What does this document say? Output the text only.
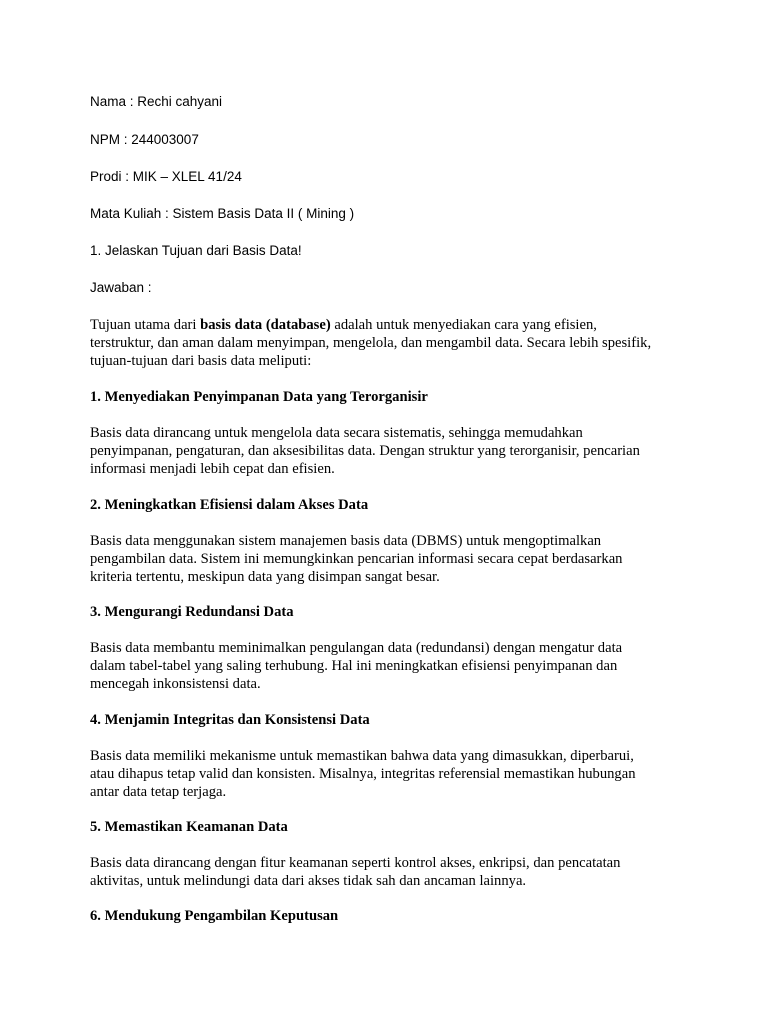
Nama : Rechi cahyani

NPM : 244003007

Prodi : MIK – XLEL 41/24

Mata Kuliah : Sistem Basis Data II ( Mining )

1. Jelaskan Tujuan dari Basis Data!

Jawaban :

Tujuan utama dari basis data (database) adalah untuk menyediakan cara yang efisien,
terstruktur, dan aman dalam menyimpan, mengelola, dan mengambil data. Secara lebih spesifik,
tujuan-tujuan dari basis data meliputi:
1. Menyediakan Penyimpanan Data yang Terorganisir
Basis data dirancang untuk mengelola data secara sistematis, sehingga memudahkan
penyimpanan, pengaturan, dan aksesibilitas data. Dengan struktur yang terorganisir, pencarian
informasi menjadi lebih cepat dan efisien.
2. Meningkatkan Efisiensi dalam Akses Data
Basis data menggunakan sistem manajemen basis data (DBMS) untuk mengoptimalkan
pengambilan data. Sistem ini memungkinkan pencarian informasi secara cepat berdasarkan
kriteria tertentu, meskipun data yang disimpan sangat besar.
3. Mengurangi Redundansi Data
Basis data membantu meminimalkan pengulangan data (redundansi) dengan mengatur data
dalam tabel-tabel yang saling terhubung. Hal ini meningkatkan efisiensi penyimpanan dan
mencegah inkonsistensi data.
4. Menjamin Integritas dan Konsistensi Data
Basis data memiliki mekanisme untuk memastikan bahwa data yang dimasukkan, diperbarui,
atau dihapus tetap valid dan konsisten. Misalnya, integritas referensial memastikan hubungan
antar data tetap terjaga.
5. Memastikan Keamanan Data
Basis data dirancang dengan fitur keamanan seperti kontrol akses, enkripsi, dan pencatatan
aktivitas, untuk melindungi data dari akses tidak sah dan ancaman lainnya.
6. Mendukung Pengambilan Keputusan
